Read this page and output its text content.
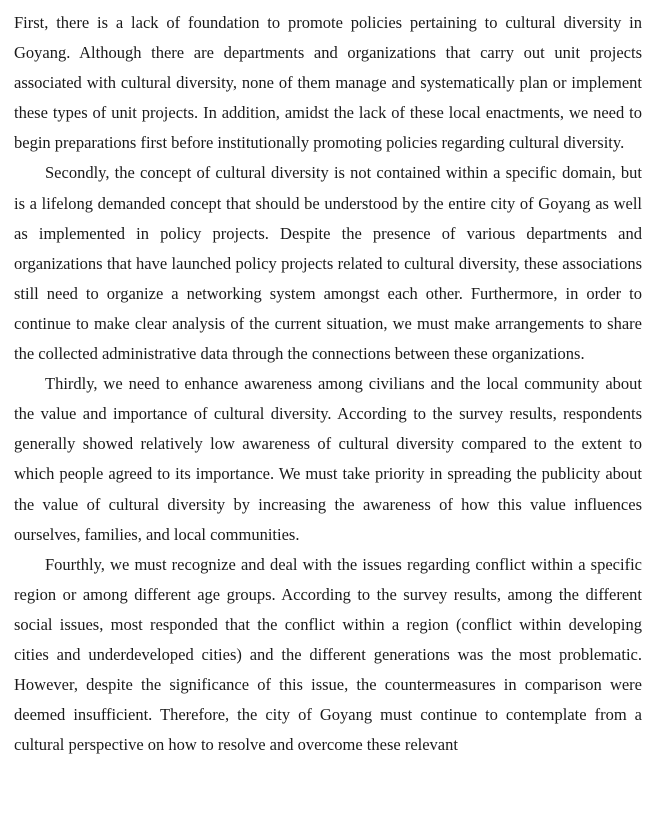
First, there is a lack of foundation to promote policies pertaining to cultural diversity in Goyang. Although there are departments and organizations that carry out unit projects associated with cultural diversity, none of them manage and systematically plan or implement these types of unit projects. In addition, amidst the lack of these local enactments, we need to begin preparations first before institutionally promoting policies regarding cultural diversity.

Secondly, the concept of cultural diversity is not contained within a specific domain, but is a lifelong demanded concept that should be understood by the entire city of Goyang as well as implemented in policy projects. Despite the presence of various departments and organizations that have launched policy projects related to cultural diversity, these associations still need to organize a networking system amongst each other. Furthermore, in order to continue to make clear analysis of the current situation, we must make arrangements to share the collected administrative data through the connections between these organizations.

Thirdly, we need to enhance awareness among civilians and the local community about the value and importance of cultural diversity. According to the survey results, respondents generally showed relatively low awareness of cultural diversity compared to the extent to which people agreed to its importance. We must take priority in spreading the publicity about the value of cultural diversity by increasing the awareness of how this value influences ourselves, families, and local communities.

Fourthly, we must recognize and deal with the issues regarding conflict within a specific region or among different age groups. According to the survey results, among the different social issues, most responded that the conflict within a region (conflict within developing cities and underdeveloped cities) and the different generations was the most problematic. However, despite the significance of this issue, the countermeasures in comparison were deemed insufficient. Therefore, the city of Goyang must continue to contemplate from a cultural perspective on how to resolve and overcome these relevant
